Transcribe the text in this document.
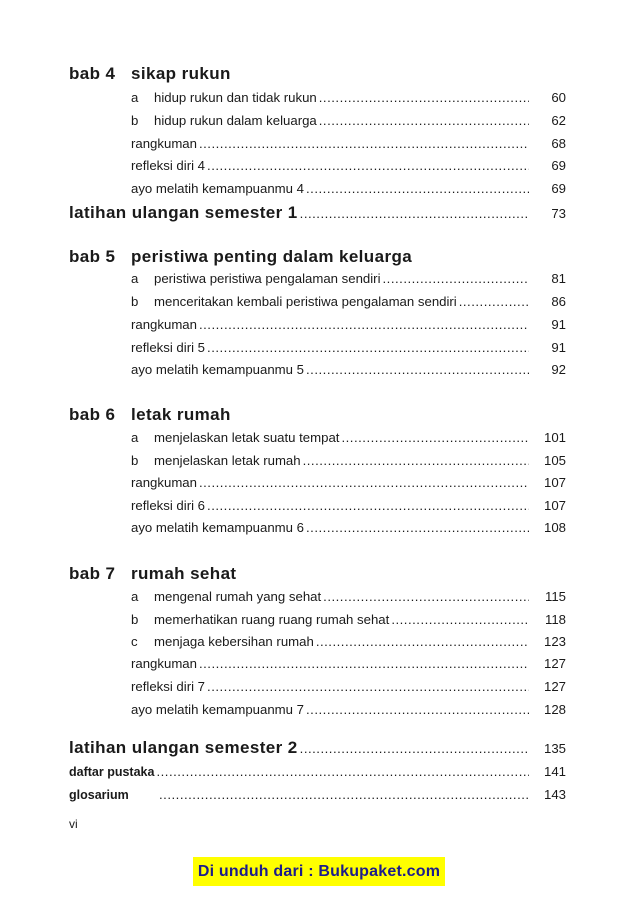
bab 4 sikap rukun
a hidup rukun dan tidak rukun .....	60
b hidup rukun dalam keluarga .....	62
rangkuman .....	68
refleksi diri 4 .....	69
ayo melatih kemampuanmu 4 .....	69
latihan ulangan semester 1 .....	73
bab 5 peristiwa penting dalam keluarga
a peristiwa peristiwa pengalaman sendiri .....	81
b menceritakan kembali peristiwa pengalaman sendiri .....	86
rangkuman .....	91
refleksi diri 5 .....	91
ayo melatih kemampuanmu 5 .....	92
bab 6 letak rumah
a menjelaskan letak suatu tempat .....	101
b menjelaskan letak rumah .....	105
rangkuman .....	107
refleksi diri 6 .....	107
ayo melatih kemampuanmu 6 .....	108
bab 7 rumah sehat
a mengenal rumah yang sehat .....	115
b memerhatikan ruang ruang rumah sehat .....	118
c menjaga kebersihan rumah .....	123
rangkuman .....	127
refleksi diri 7 .....	127
ayo melatih kemampuanmu 7 .....	128
latihan ulangan semester 2 .....	135
daftar pustaka .....	141
glosarium .....	143
vi
Di unduh dari : Bukupaket.com
